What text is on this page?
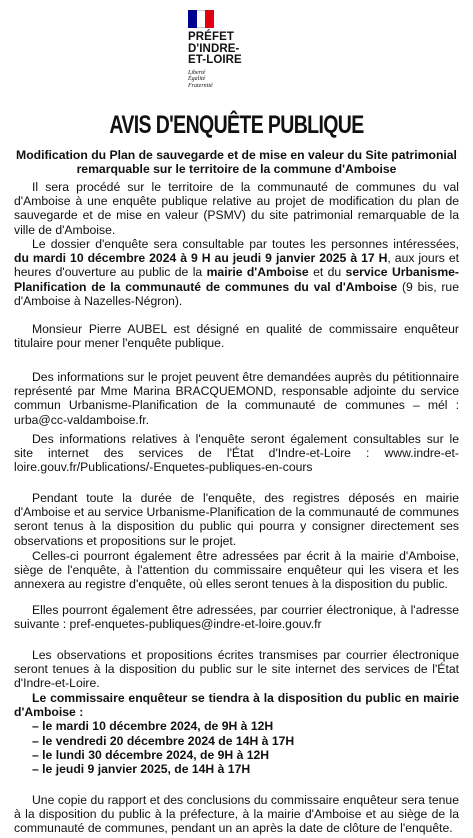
PRÉFET
D'INDRE-
ET-LOIRE
Liberté
Égalité
Fraternité
AVIS D'ENQUÊTE PUBLIQUE
Modification du Plan de sauvegarde et de mise en valeur du Site patrimonial remarquable sur le territoire de la commune d'Amboise

Il sera procédé sur le territoire de la communauté de communes du val d'Amboise à une enquête publique relative au projet de modification du plan de sauvegarde et de mise en valeur (PSMV) du site patrimonial remarquable de la ville de d'Amboise.

Le dossier d'enquête sera consultable par toutes les personnes intéressées, du mardi 10 décembre 2024 à 9 H au jeudi 9 janvier 2025 à 17 H, aux jours et heures d'ouverture au public de la mairie d'Amboise et du service Urbanisme-Planification de la communauté de communes du val d'Amboise (9 bis, rue d'Amboise à Nazelles-Négron).

Monsieur Pierre AUBEL est désigné en qualité de commissaire enquêteur titulaire pour mener l'enquête publique.

Des informations sur le projet peuvent être demandées auprès du pétitionnaire représenté par Mme Marina BRACQUEMOND, responsable adjointe du service commun Urbanisme-Planification de la communauté de communes – mél : urba@cc-valdamboise.fr.

Des informations relatives à l'enquête seront également consultables sur le site internet des services de l'État d'Indre-et-Loire : www.indre-et-loire.gouv.fr/Publications/-Enquetes-publiques-en-cours

Pendant toute la durée de l'enquête, des registres déposés en mairie d'Amboise et au service Urbanisme-Planification de la communauté de communes seront tenus à la disposition du public qui pourra y consigner directement ses observations et propositions sur le projet.

Celles-ci pourront également être adressées par écrit à la mairie d'Amboise, siège de l'enquête, à l'attention du commissaire enquêteur qui les visera et les annexera au registre d'enquête, où elles seront tenues à la disposition du public.

Elles pourront également être adressées, par courrier électronique, à l'adresse suivante : pref-enquetes-publiques@indre-et-loire.gouv.fr

Les observations et propositions écrites transmises par courrier électronique seront tenues à la disposition du public sur le site internet des services de l'État d'Indre-et-Loire.

Le commissaire enquêteur se tiendra à la disposition du public en mairie d'Amboise :

– le mardi 10 décembre 2024, de 9H à 12H
– le vendredi 20 décembre 2024 de 14H à 17H
– le lundi 30 décembre 2024, de 9H à 12H
– le jeudi 9 janvier 2025, de 14H à 17H

Une copie du rapport et des conclusions du commissaire enquêteur sera tenue à la disposition du public à la préfecture, à la mairie d'Amboise et au siège de la communauté de communes, pendant un an après la date de clôture de l'enquête.
